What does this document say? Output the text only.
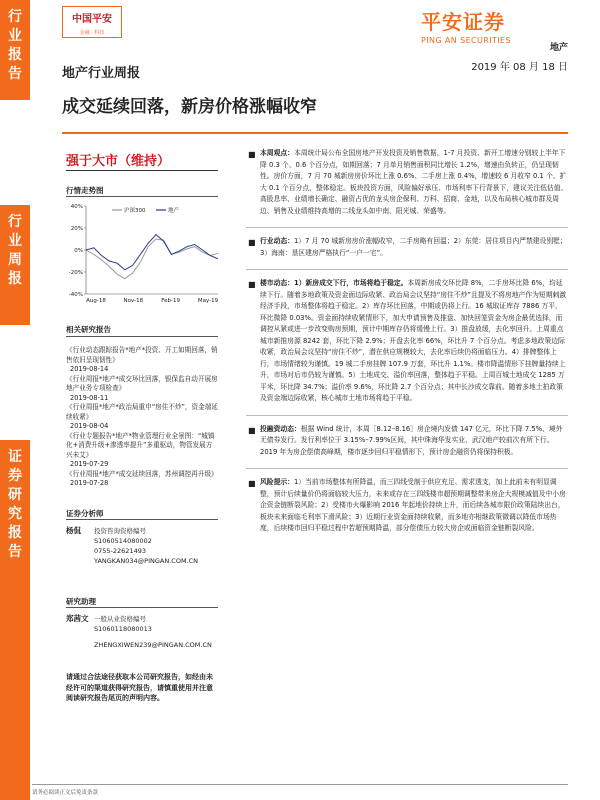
行
业
报
告
行
业
周
报
证
券
研
究
报
告
中国平安
金融 · 科技	平安证券
PING AN SECURITIES
地产
2019 年 08 月 18 日
地产行业周报
成交延续回落，新房价格涨幅收窄
强于大市（维持）
行情走势图
40%
20%
0%
-20%
-40%
Aug-18	Nov-18	Feb-19	May-19
沪深300	地产
相关研究报告
《行业动态跟踪报告*地产*投资、开工如期回落，销售依旧呈现韧性》
2019-08-14
《行业周报*地产*成交环比回落，银保监自动开展房地产业务专项检查》
2019-08-11
《行业周报*地产*政治局重申“房住不炒”，资金端延续收紧》
2019-08-04
《行业专题报告*地产*物业管理行业全景图：“城镇化+消费升级+渗透率提升”多重驱动，物管发展方兴未艾》
2019-07-29
《行业周报*地产*成交延续回落，苏州调控再升级》
2019-07-28
证券分析师
杨侃 投资咨询资格编号
S1060514080002
0755-22621493
YANGKAN034@PINGAN.COM.CN
研究助理
郑茜文 一般从业资格编号
S1060118080013
ZHENGXIWEN239@PINGAN.COM.CN
请通过合法途径获取本公司研究报告，如经由未经许可的渠道获得研究报告，请慎重使用并注意阅读研究报告尾页的声明内容。
■ 本周观点：本周统计局公布全国房地产开发投资及销售数据，1-7 月投资、新开工增速分别较上半年下降 0.3 个、0.6 个百分点，如期回落；7 月单月销售面积同比增长 1.2%，增速由负转正，仍呈现韧性。房价方面，7 月 70 城新房房价环比上涨 0.6%、二手房上涨 0.4%，增速较 6 月收窄 0.1 个、扩大 0.1 个百分点，整体稳定。板块投资方面，风险偏好承压、市场利率下行背景下，建议关注低估值、高股息率、业绩增长确定、融资占优的龙头房企保利、万科、招商、金地，以及布局核心城市群及周边、销售及业绩维持高增的二线龙头如中南、阳光城、荣盛等。
■ 行业动态：1）7 月 70 城新房房价涨幅收窄，二手房略有回温；2）东莞：居住项目内严禁建设别墅；3）海南：垦区建房严格执行“一户一宅”。
■ 楼市动态：1）新房成交下行，市场将趋于稳定。本周新房成交环比降 8%，二手房环比降 6%，均延续下行。随着多地政策及资金面边际收紧、政治局会议坚持“房住不炒”且提及不将房地产作为短期刺激经济手段，市场整体将趋于稳定。2）库存环比回落，中期或仍将上行。16 城取证库存 7886 万平，环比微降 0.03%。资金面持续收紧情形下，加大申请预售及推盘、加快回笼资金为房企最优选择，而调控从紧或进一步改变购房预期，预计中期库存仍将缓慢上行。3）推盘放缓，去化率回升。上周重点城市新推房源 8242 套，环比下降 2.9%；开盘去化率 66%，环比升 7 个百分点。考虑多地政策边际收紧，政治局会议坚持“房住不炒”，潜在供应规模较大，去化率后续仍将面临压力。4）排牌整体上行，市场情绪较为谨慎。19 城二手房挂牌 107.9 万套，环比升 1.1%。楼市降温情形下挂牌量持续上升，市场对后市仍较为谨慎。5）土地成交、溢价率回落，整体趋于平稳。上周百城土地成交 1285 万平米，环比降 34.7%；溢价率 9.6%，环比降 2.7 个百分点；其中长沙成交靠前。随着多地土拍政策及资金端边际收紧，核心城市土地市场将趋于平稳。
■ 投融资动态：根据 Wind 统计，本周［8.12–8.16］房企境内发债 147 亿元，环比下降 7.5%、境外无债券发行。发行利率位于 3.15%–7.99%区间，其中珠海华发实业、武汉地产较前次有所下行。2019 年为房企偿债高峰期，楼市逐步回归平稳情形下，预计房企融资仍将保持积极。
■ 风险提示：1）当前市场整体有所降温，而三四线受制于供应充足、需求透支，加上此前未有明显调整，预计后续量价仍将面临较大压力，未来或存在三四线楼市超预期调整带来房企大规模减值及中小房企资金链断裂风险；2）受楼市火爆影响 2016 年起地价持续上升，而后续各城市限价政策陆续出台，板块未来面临毛利率下滑风险；3）近期行业资金面持续收紧，而多地亦相继政策微调以降低市场热度，后续楼市回归平稳过程中若超预期降温，部分偿债压力较大房企或面临资金链断裂风险。
请务必阅读正文后免责条款
